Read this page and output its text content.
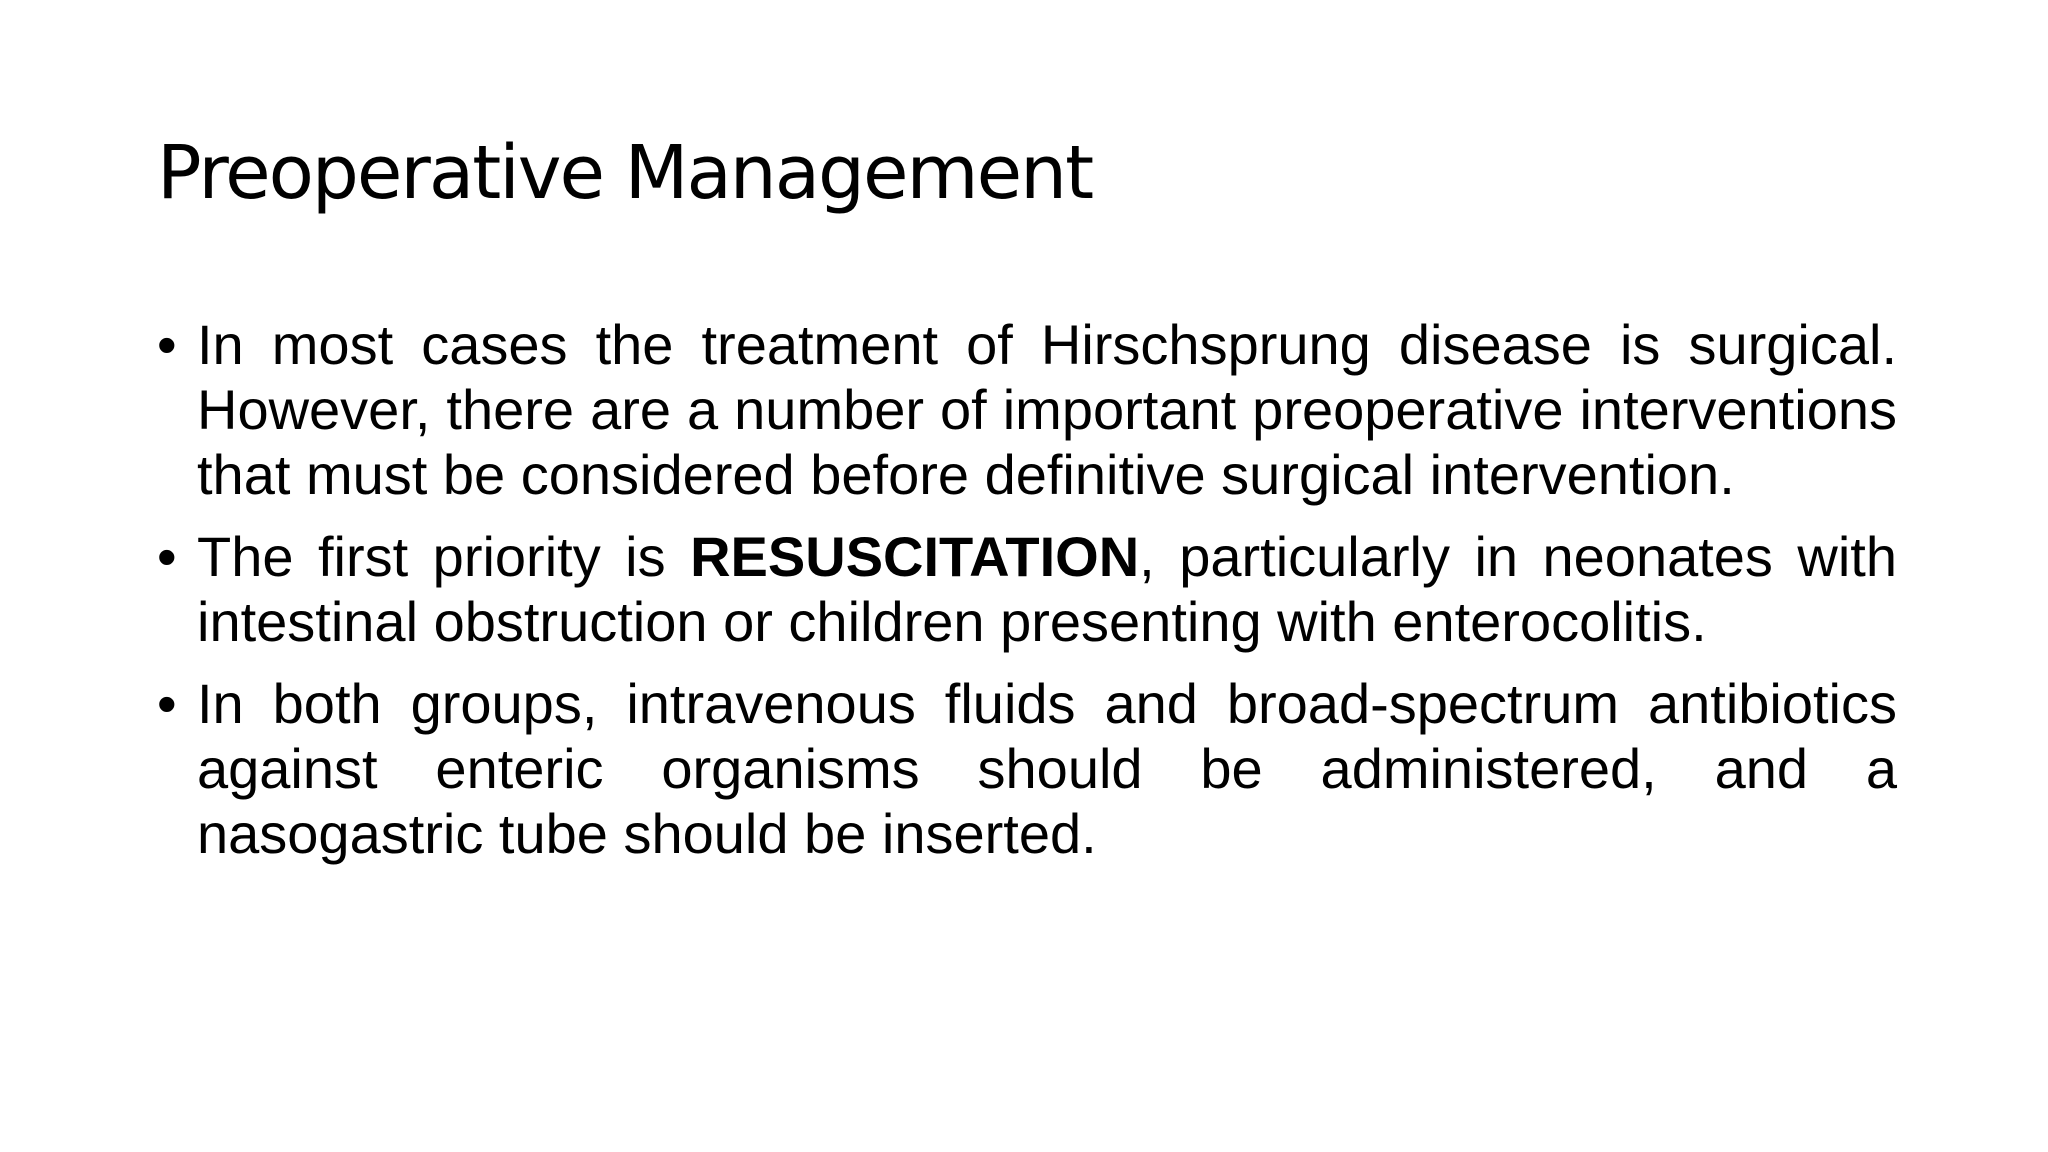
Preoperative Management
• In most cases the treatment of Hirschsprung disease is surgical. However, there are a number of important preoperative interventions that must be considered before definitive surgical intervention.
• The first priority is RESUSCITATION, particularly in neonates with intestinal obstruction or children presenting with enterocolitis.
• In both groups, intravenous fluids and broad-spectrum antibiotics against enteric organisms should be administered, and a nasogastric tube should be inserted.
